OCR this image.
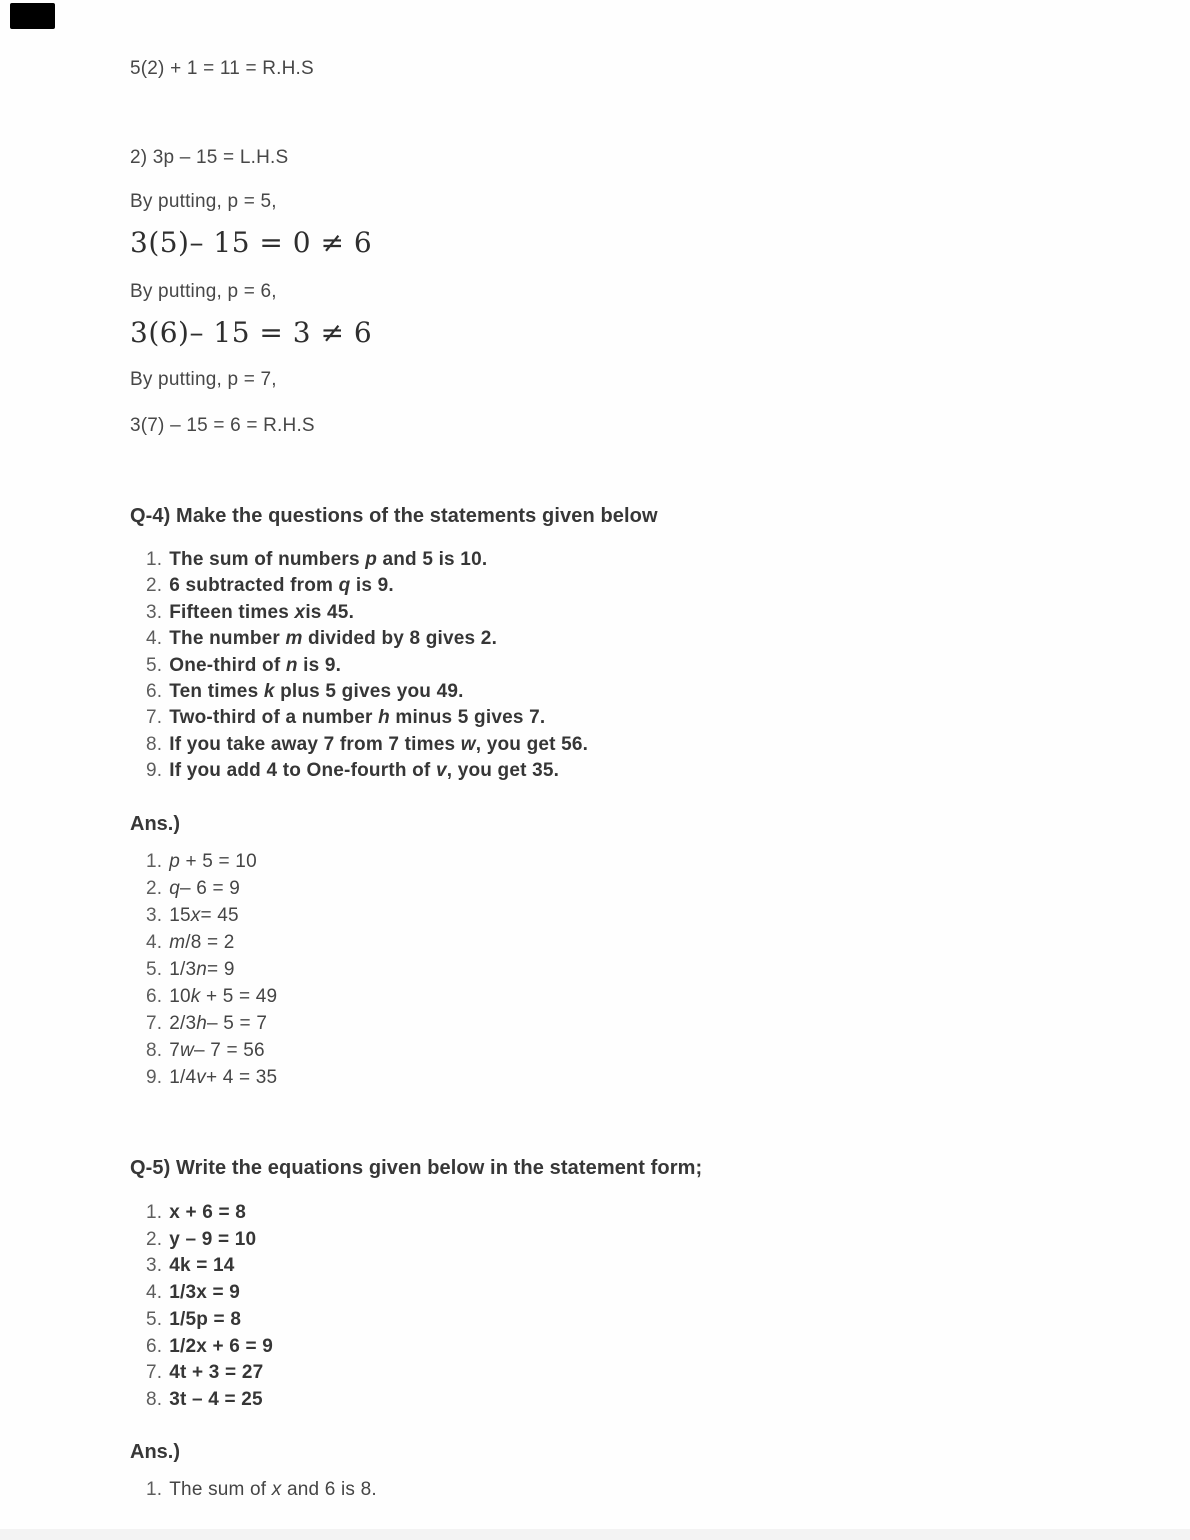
5(2) + 1 = 11 = R.H.S

2) 3p – 15 = L.H.S

By putting, p = 5,

3(5)– 15 = 0 ≠ 6

By putting, p = 6,

3(6)– 15 = 3 ≠ 6

By putting, p = 7,

3(7) – 15 = 6 = R.H.S

Q-4) Make the questions of the statements given below
1. The sum of numbers p and 5 is 10.
2. 6 subtracted from q is 9.
3. Fifteen times xis 45.
4. The number m divided by 8 gives 2.
5. One-third of n is 9.
6. Ten times k plus 5 gives you 49.
7. Two-third of a number h minus 5 gives 7.
8. If you take away 7 from 7 times w, you get 56.
9. If you add 4 to One-fourth of v, you get 35.

Ans.)

1. p + 5 = 10
2. q– 6 = 9
3. 15x= 45
4. m/8 = 2
5. 1/3n= 9
6. 10k + 5 = 49
7. 2/3h– 5 = 7
8. 7w– 7 = 56
9. 1/4v+ 4 = 35
Q-5) Write the equations given below in the statement form;
1. x + 6 = 8
2. y – 9 = 10
3. 4k = 14
4. 1/3x = 9
5. 1/5p = 8
6. 1/2x + 6 = 9
7. 4t + 3 = 27
8. 3t – 4 = 25

Ans.)

1. The sum of x and 6 is 8.
